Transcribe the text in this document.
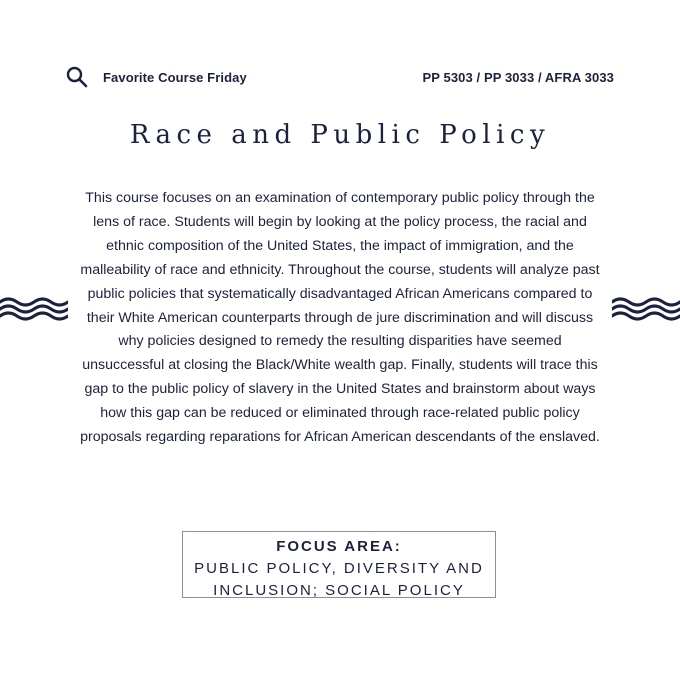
Favorite Course Friday	PP 5303 / PP 3033 / AFRA 3033
Race and Public Policy
This course focuses on an examination of contemporary public policy through the lens of race. Students will begin by looking at the policy process, the racial and ethnic composition of the United States, the impact of immigration, and the malleability of race and ethnicity. Throughout the course, students will analyze past public policies that systematically disadvantaged African Americans compared to their White American counterparts through de jure discrimination and will discuss why policies designed to remedy the resulting disparities have seemed unsuccessful at closing the Black/White wealth gap. Finally, students will trace this gap to the public policy of slavery in the United States and brainstorm about ways how this gap can be reduced or eliminated through race-related public policy proposals regarding reparations for African American descendants of the enslaved.
FOCUS AREA:
PUBLIC POLICY, DIVERSITY AND INCLUSION; SOCIAL POLICY
